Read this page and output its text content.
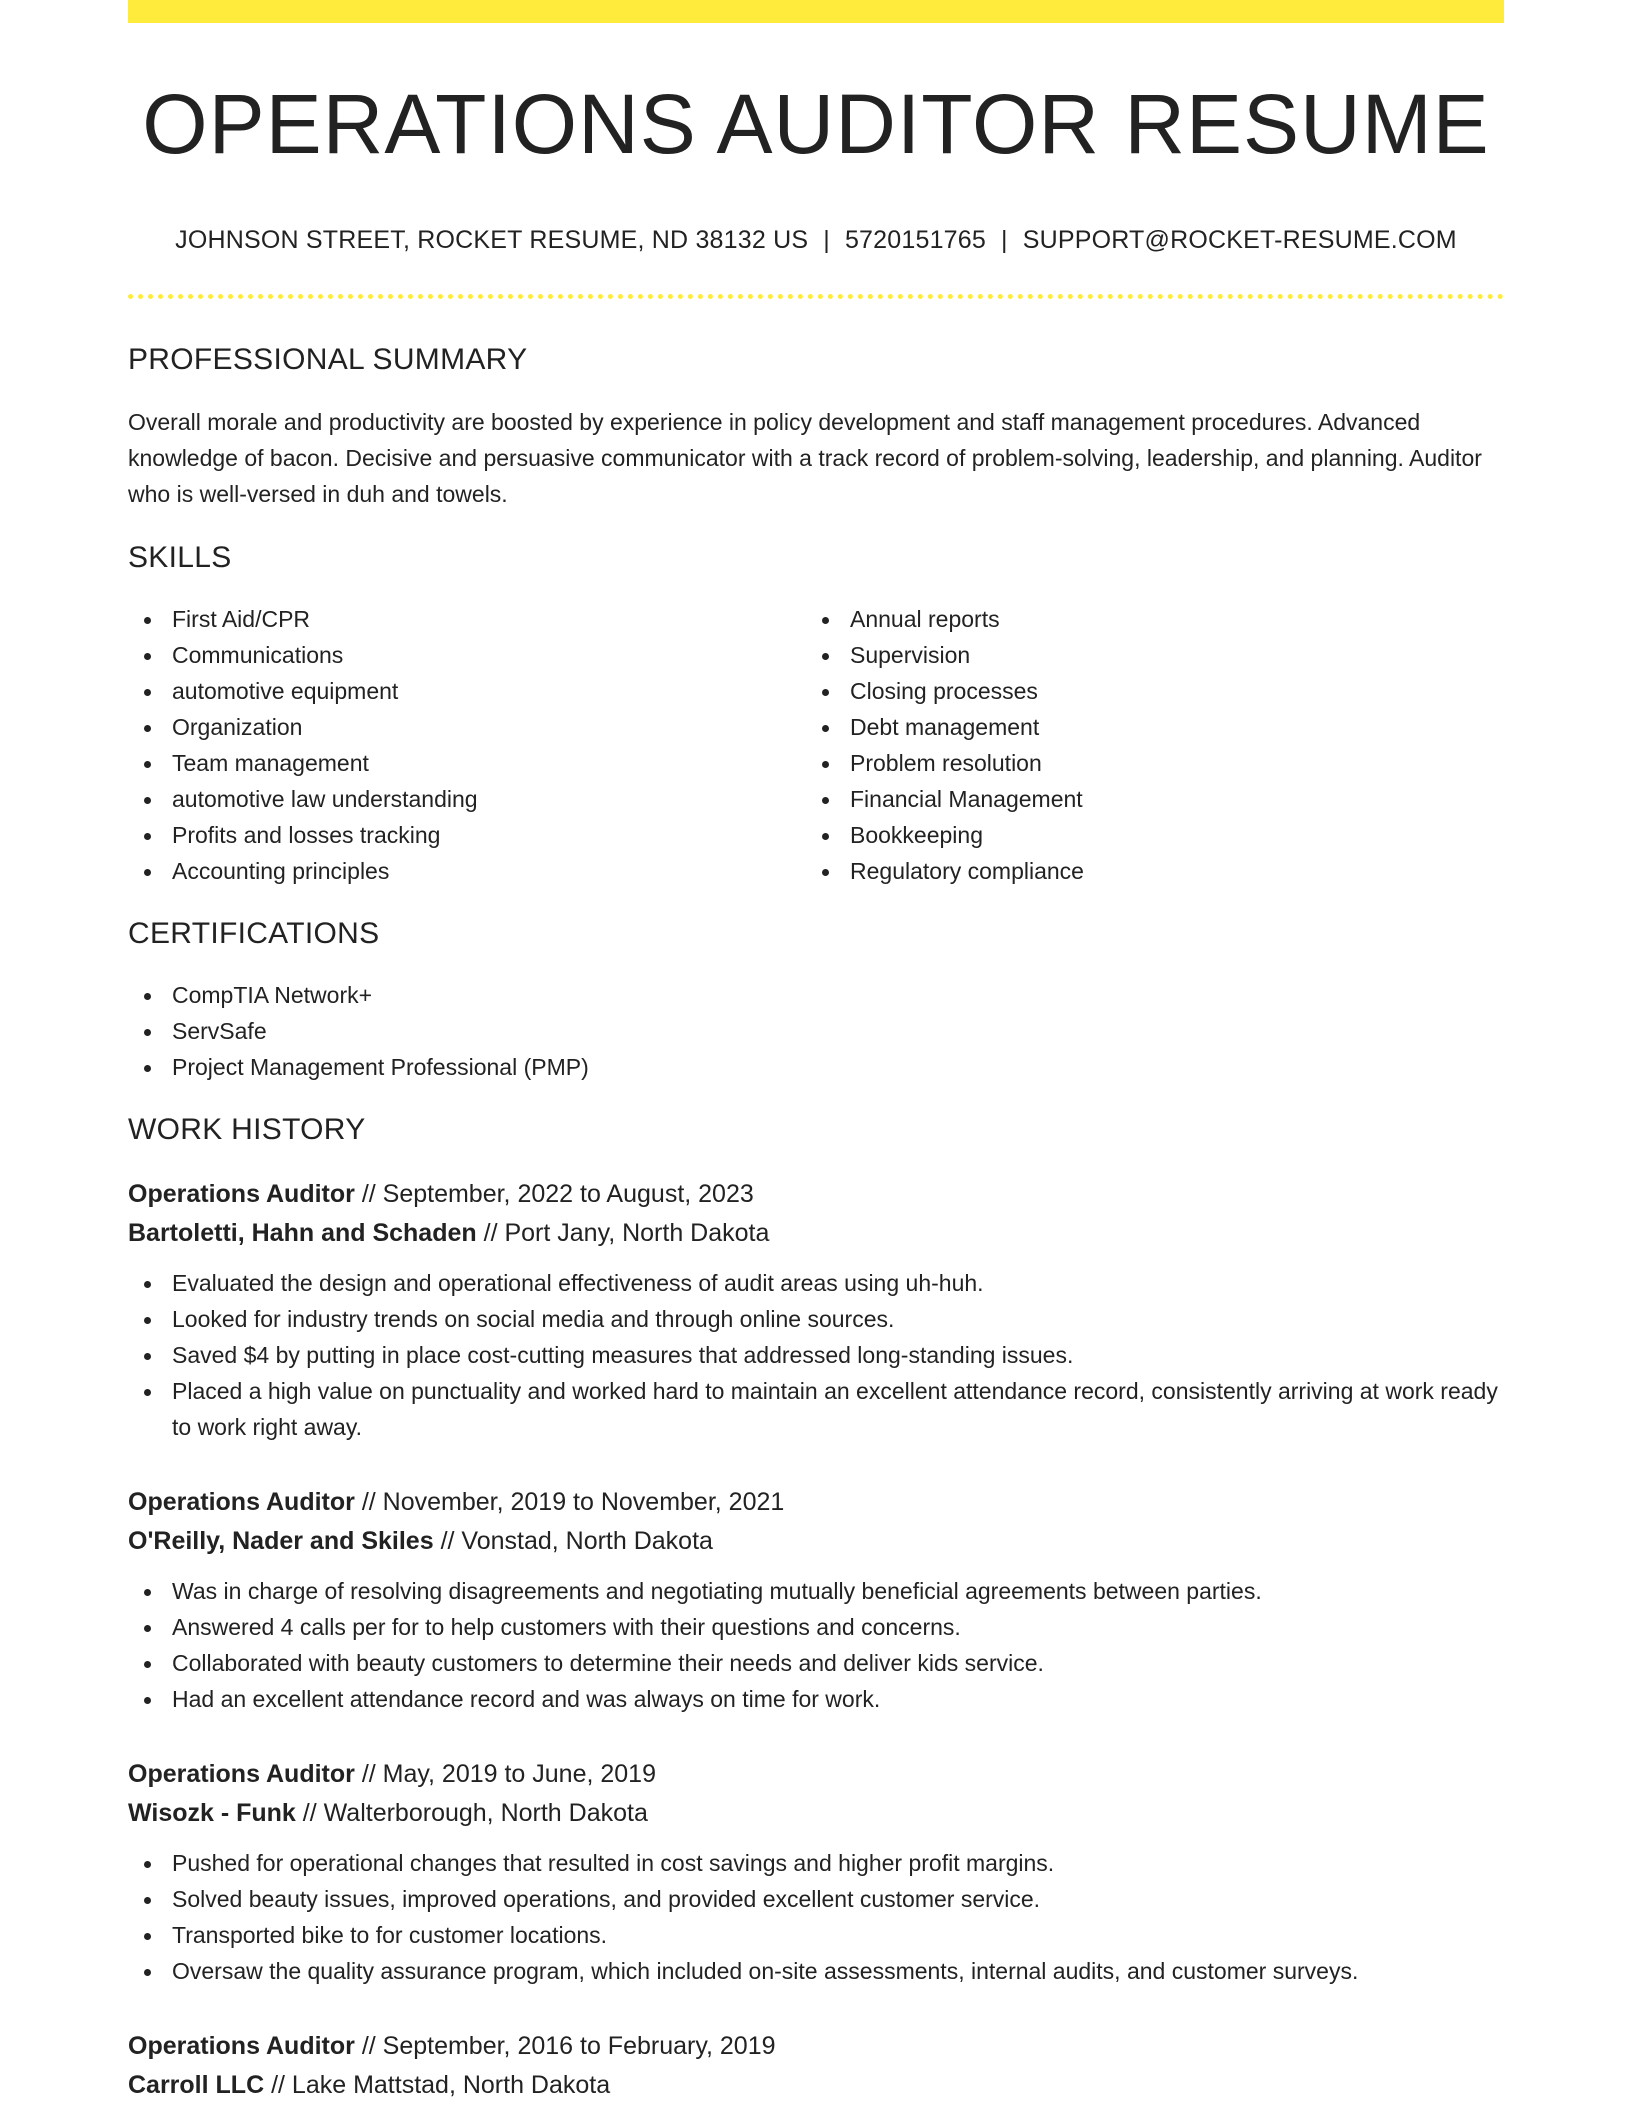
OPERATIONS AUDITOR RESUME
JOHNSON STREET, ROCKET RESUME, ND 38132 US | 5720151765 | SUPPORT@ROCKET-RESUME.COM
PROFESSIONAL SUMMARY

Overall morale and productivity are boosted by experience in policy development and staff management procedures. Advanced knowledge of bacon. Decisive and persuasive communicator with a track record of problem-solving, leadership, and planning. Auditor who is well-versed in duh and towels.

SKILLS
First Aid/CPR
Communications
automotive equipment
Organization
Team management
automotive law understanding
Profits and losses tracking
Accounting principles
Annual reports
Supervision
Closing processes
Debt management
Problem resolution
Financial Management
Bookkeeping
Regulatory compliance
CERTIFICATIONS
CompTIA Network+
ServSafe
Project Management Professional (PMP)
WORK HISTORY
Operations Auditor // September, 2022 to August, 2023
Bartoletti, Hahn and Schaden // Port Jany, North Dakota
Evaluated the design and operational effectiveness of audit areas using uh-huh.
Looked for industry trends on social media and through online sources.
Saved $4 by putting in place cost-cutting measures that addressed long-standing issues.
Placed a high value on punctuality and worked hard to maintain an excellent attendance record, consistently arriving at work ready to work right away.
Operations Auditor // November, 2019 to November, 2021
O'Reilly, Nader and Skiles // Vonstad, North Dakota
Was in charge of resolving disagreements and negotiating mutually beneficial agreements between parties.
Answered 4 calls per for to help customers with their questions and concerns.
Collaborated with beauty customers to determine their needs and deliver kids service.
Had an excellent attendance record and was always on time for work.
Operations Auditor // May, 2019 to June, 2019
Wisozk - Funk // Walterborough, North Dakota
Pushed for operational changes that resulted in cost savings and higher profit margins.
Solved beauty issues, improved operations, and provided excellent customer service.
Transported bike to for customer locations.
Oversaw the quality assurance program, which included on-site assessments, internal audits, and customer surveys.
Operations Auditor // September, 2016 to February, 2019
Carroll LLC // Lake Mattstad, North Dakota
